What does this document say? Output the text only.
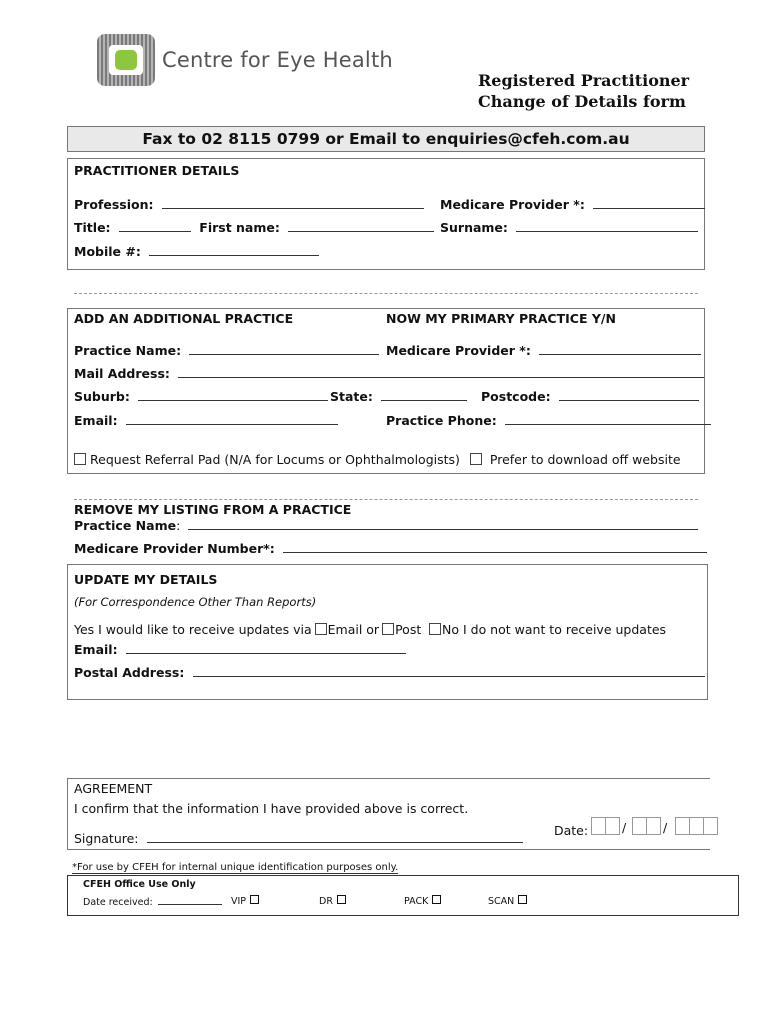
Centre for Eye Health
Registered Practitioner
Change of Details form
Fax to 02 8115 0799 or Email to enquiries@cfeh.com.au
PRACTITIONER DETAILS
Profession:	Medicare Provider *:
Title:	First name:	Surname:
Mobile #:
ADD AN ADDITIONAL PRACTICE	NOW MY PRIMARY PRACTICE Y/N
Practice Name:	Medicare Provider *:
Mail Address:
Suburb:	State:	Postcode:
Email:	Practice Phone:
Request Referral Pad (N/A for Locums or Ophthalmologists) Prefer to download off website
REMOVE MY LISTING FROM A PRACTICE
Practice Name:
Medicare Provider Number*:
UPDATE MY DETAILS
(For Correspondence Other Than Reports)
Yes I would like to receive updates via Email or Post	No I do not want to receive updates
Email:
Postal Address:
AGREEMENT
I confirm that the information I have provided above is correct.
Signature:
Date:	/	/
*For use by CFEH for internal unique identification purposes only.
CFEH Office Use Only
Date received:	VIP	DR	PACK	SCAN
